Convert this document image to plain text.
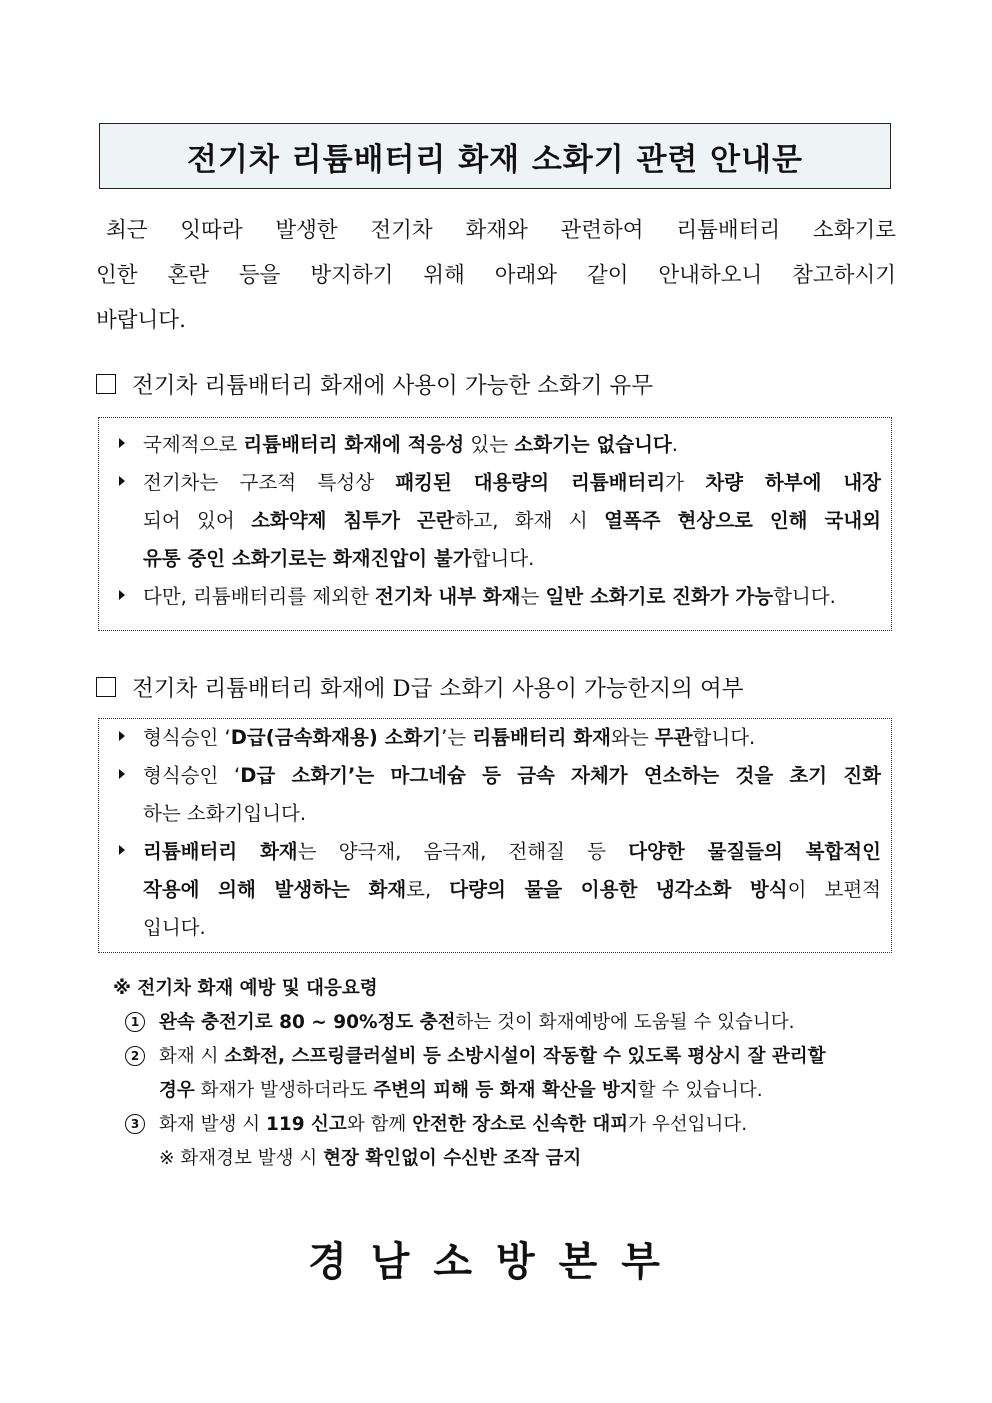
전기차 리튬배터리 화재 소화기 관련 안내문
최근 잇따라 발생한 전기차 화재와 관련하여 리튬배터리 소화기로
인한 혼란 등을 방지하기 위해 아래와 같이 안내하오니 참고하시기
바랍니다.
전기차 리튬배터리 화재에 사용이 가능한 소화기 유무
국제적으로 리튬배터리 화재에 적응성 있는 소화기는 없습니다.
전기차는 구조적 특성상 패킹된 대용량의 리튬배터리가 차량 하부에 내장
되어 있어 소화약제 침투가 곤란하고, 화재 시 열폭주 현상으로 인해 국내외
유통 중인 소화기로는 화재진압이 불가합니다.
다만, 리튬배터리를 제외한 전기차 내부 화재는 일반 소화기로 진화가 가능합니다.
전기차 리튬배터리 화재에 D급 소화기 사용이 가능한지의 여부
형식승인 ‘D급(금속화재용) 소화기’는 리튬배터리 화재와는 무관합니다.
형식승인 ‘D급 소화기’는 마그네슘 등 금속 자체가 연소하는 것을 초기 진화
하는 소화기입니다.
리튬배터리 화재는 양극재, 음극재, 전해질 등 다양한 물질들의 복합적인
작용에 의해 발생하는 화재로, 다량의 물을 이용한 냉각소화 방식이 보편적
입니다.
※ 전기차 화재 예방 및 대응요령
1	완속 충전기로 80 ~ 90%정도 충전하는 것이 화재예방에 도움될 수 있습니다.
2	화재 시 소화전, 스프링클러설비 등 소방시설이 작동할 수 있도록 평상시 잘 관리할
경우 화재가 발생하더라도 주변의 피해 등 화재 확산을 방지할 수 있습니다.
3	화재 발생 시 119 신고와 함께 안전한 장소로 신속한 대피가 우선입니다.
※ 화재경보 발생 시 현장 확인없이 수신반 조작 금지
경남소방본부
